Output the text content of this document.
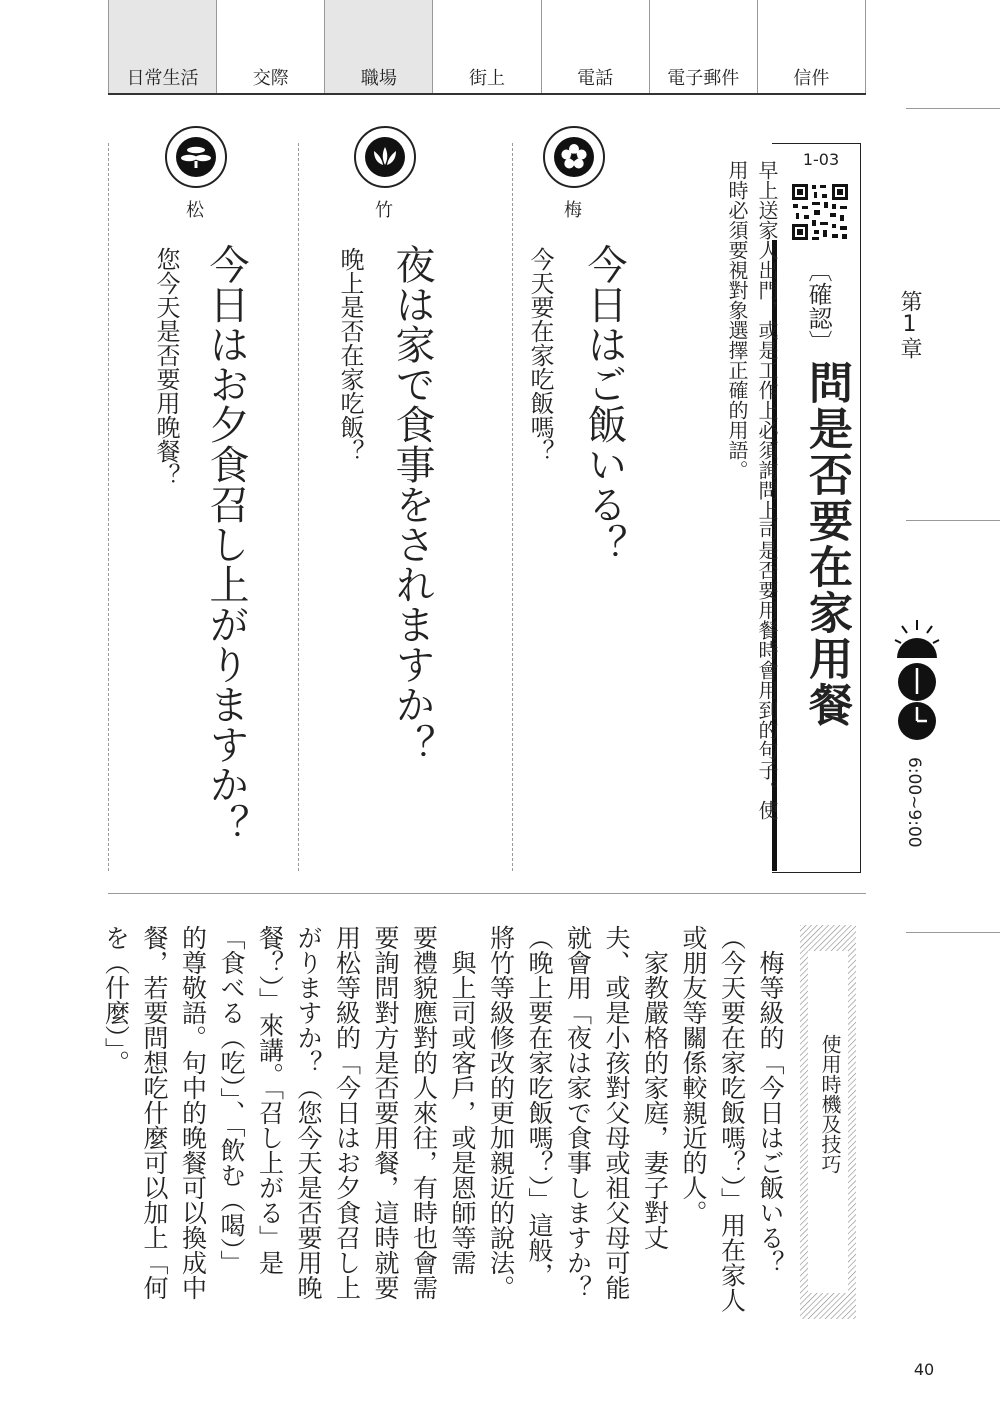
日常生活	交際	職場	街上	電話	電子郵件	信件
第1章
6:00~9:00
1-03
〔確認〕
問是否要在家用餐
早上送家人出門，或是工作上必須詢問上司是否要用餐時會用到的句子。使
用時必須要視對象選擇正確的用語。
梅
今日はご飯いる？
今天要在家吃飯嗎？
竹
夜は家で食事をされますか？
晚上是否在家吃飯？
松
今日はお夕食召し上がりますか？
您今天是否要用晚餐？
使用時機及技巧
　梅等級的「今日はご飯いる？
（今天要在家吃飯嗎？）」用在家人
或朋友等關係較親近的人。
　家教嚴格的家庭，妻子對丈
夫、或是小孩對父母或祖父母可能
就會用「夜は家で食事しますか？
（晚上要在家吃飯嗎？）」這般，
將竹等級修改的更加親近的說法。
　與上司或客戶，或是恩師等需
要禮貌應對的人來往，有時也會需
要詢問對方是否要用餐，這時就要
用松等級的「今日はお夕食召し上
がりますか？（您今天是否要用晚
餐？）」來講。「召し上がる」是
「食べる（吃）」、「飲む（喝）」
的尊敬語。句中的晚餐可以換成中
餐，若要問想吃什麼可以加上「何
を（什麼）」。
40
